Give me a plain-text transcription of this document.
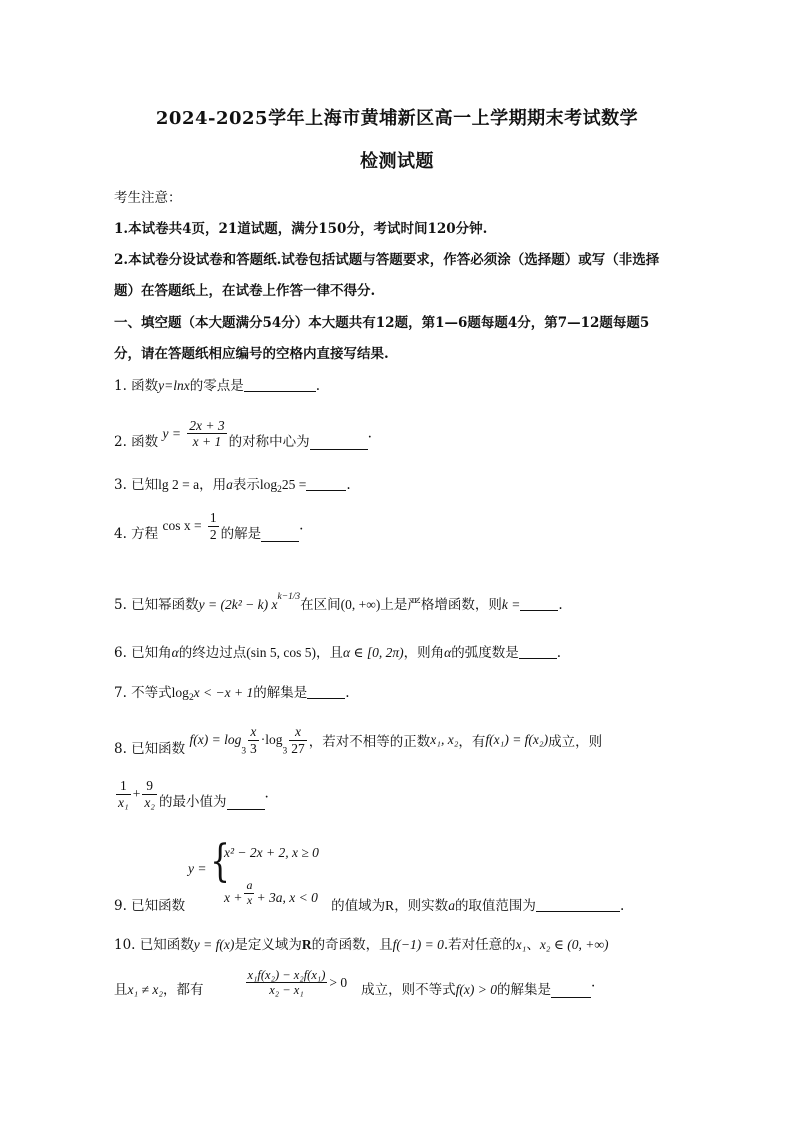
2024-2025学年上海市黄埔新区高一上学期期末考试数学
检测试题
考生注意：
1.本试卷共4页，21道试题，满分150分，考试时间120分钟.
2.本试卷分设试卷和答题纸.试卷包括试题与答题要求，作答必须涂（选择题）或写（非选择
题）在答题纸上，在试卷上作答一律不得分.
一、填空题（本大题满分54分）本大题共有12题，第1—6题每题4分，第7—12题每题5
分，请在答题纸相应编号的空格内直接写结果.
1. 函数y=lnx的零点是	.
2. 函数 $y = \frac{2x + 3}{x + 1}$ 的对称中心为.
3. 已知lg 2 = a，用a表示$\log_225$ =	.
4. 方程 $\cos x = \frac{1}{2}$ 的解是.
5. 已知幂函数y = (2k² − k) $x^{k-1/3}$在区间(0, +∞)上是严格增函数，则k =	.
6. 已知角α的终边过点(sin 5, cos 5)，且α ∈ [0, 2π)，则角α的弧度数是	.
7. 不等式$\log_2x < -x + 1$的解集是	.
8. 已知函数 $f(x) = \log_3 \frac{x}{3} \cdot\log_3 \frac{x}{27}$ ，若对不相等的正数x₁, x₂，有f(x₁) = f(x₂)成立，则
$\frac{1}{\text{x₁}} + \frac{9}{\text{x₂}}$ 的最小值为.
y = {
x² − 2x + 2, x ≥ 0
$x + \frac{a}{x} + 3a$, x < 0
9. 已知函数	的值域为R，则实数a的取值范围为	.
10. 已知函数y = f(x)是定义域为R的奇函数，且f(−1) = 0.若对任意的x₁、x₂ ∈ (0, +∞)
且x₁ ≠ x₂，都有	$\frac{\text{x₁f(x₂) − x₂f(x₁)}}{\text{x₂ − x₁}} > 0$ 成立，则不等式f(x) > 0的解集是	.
